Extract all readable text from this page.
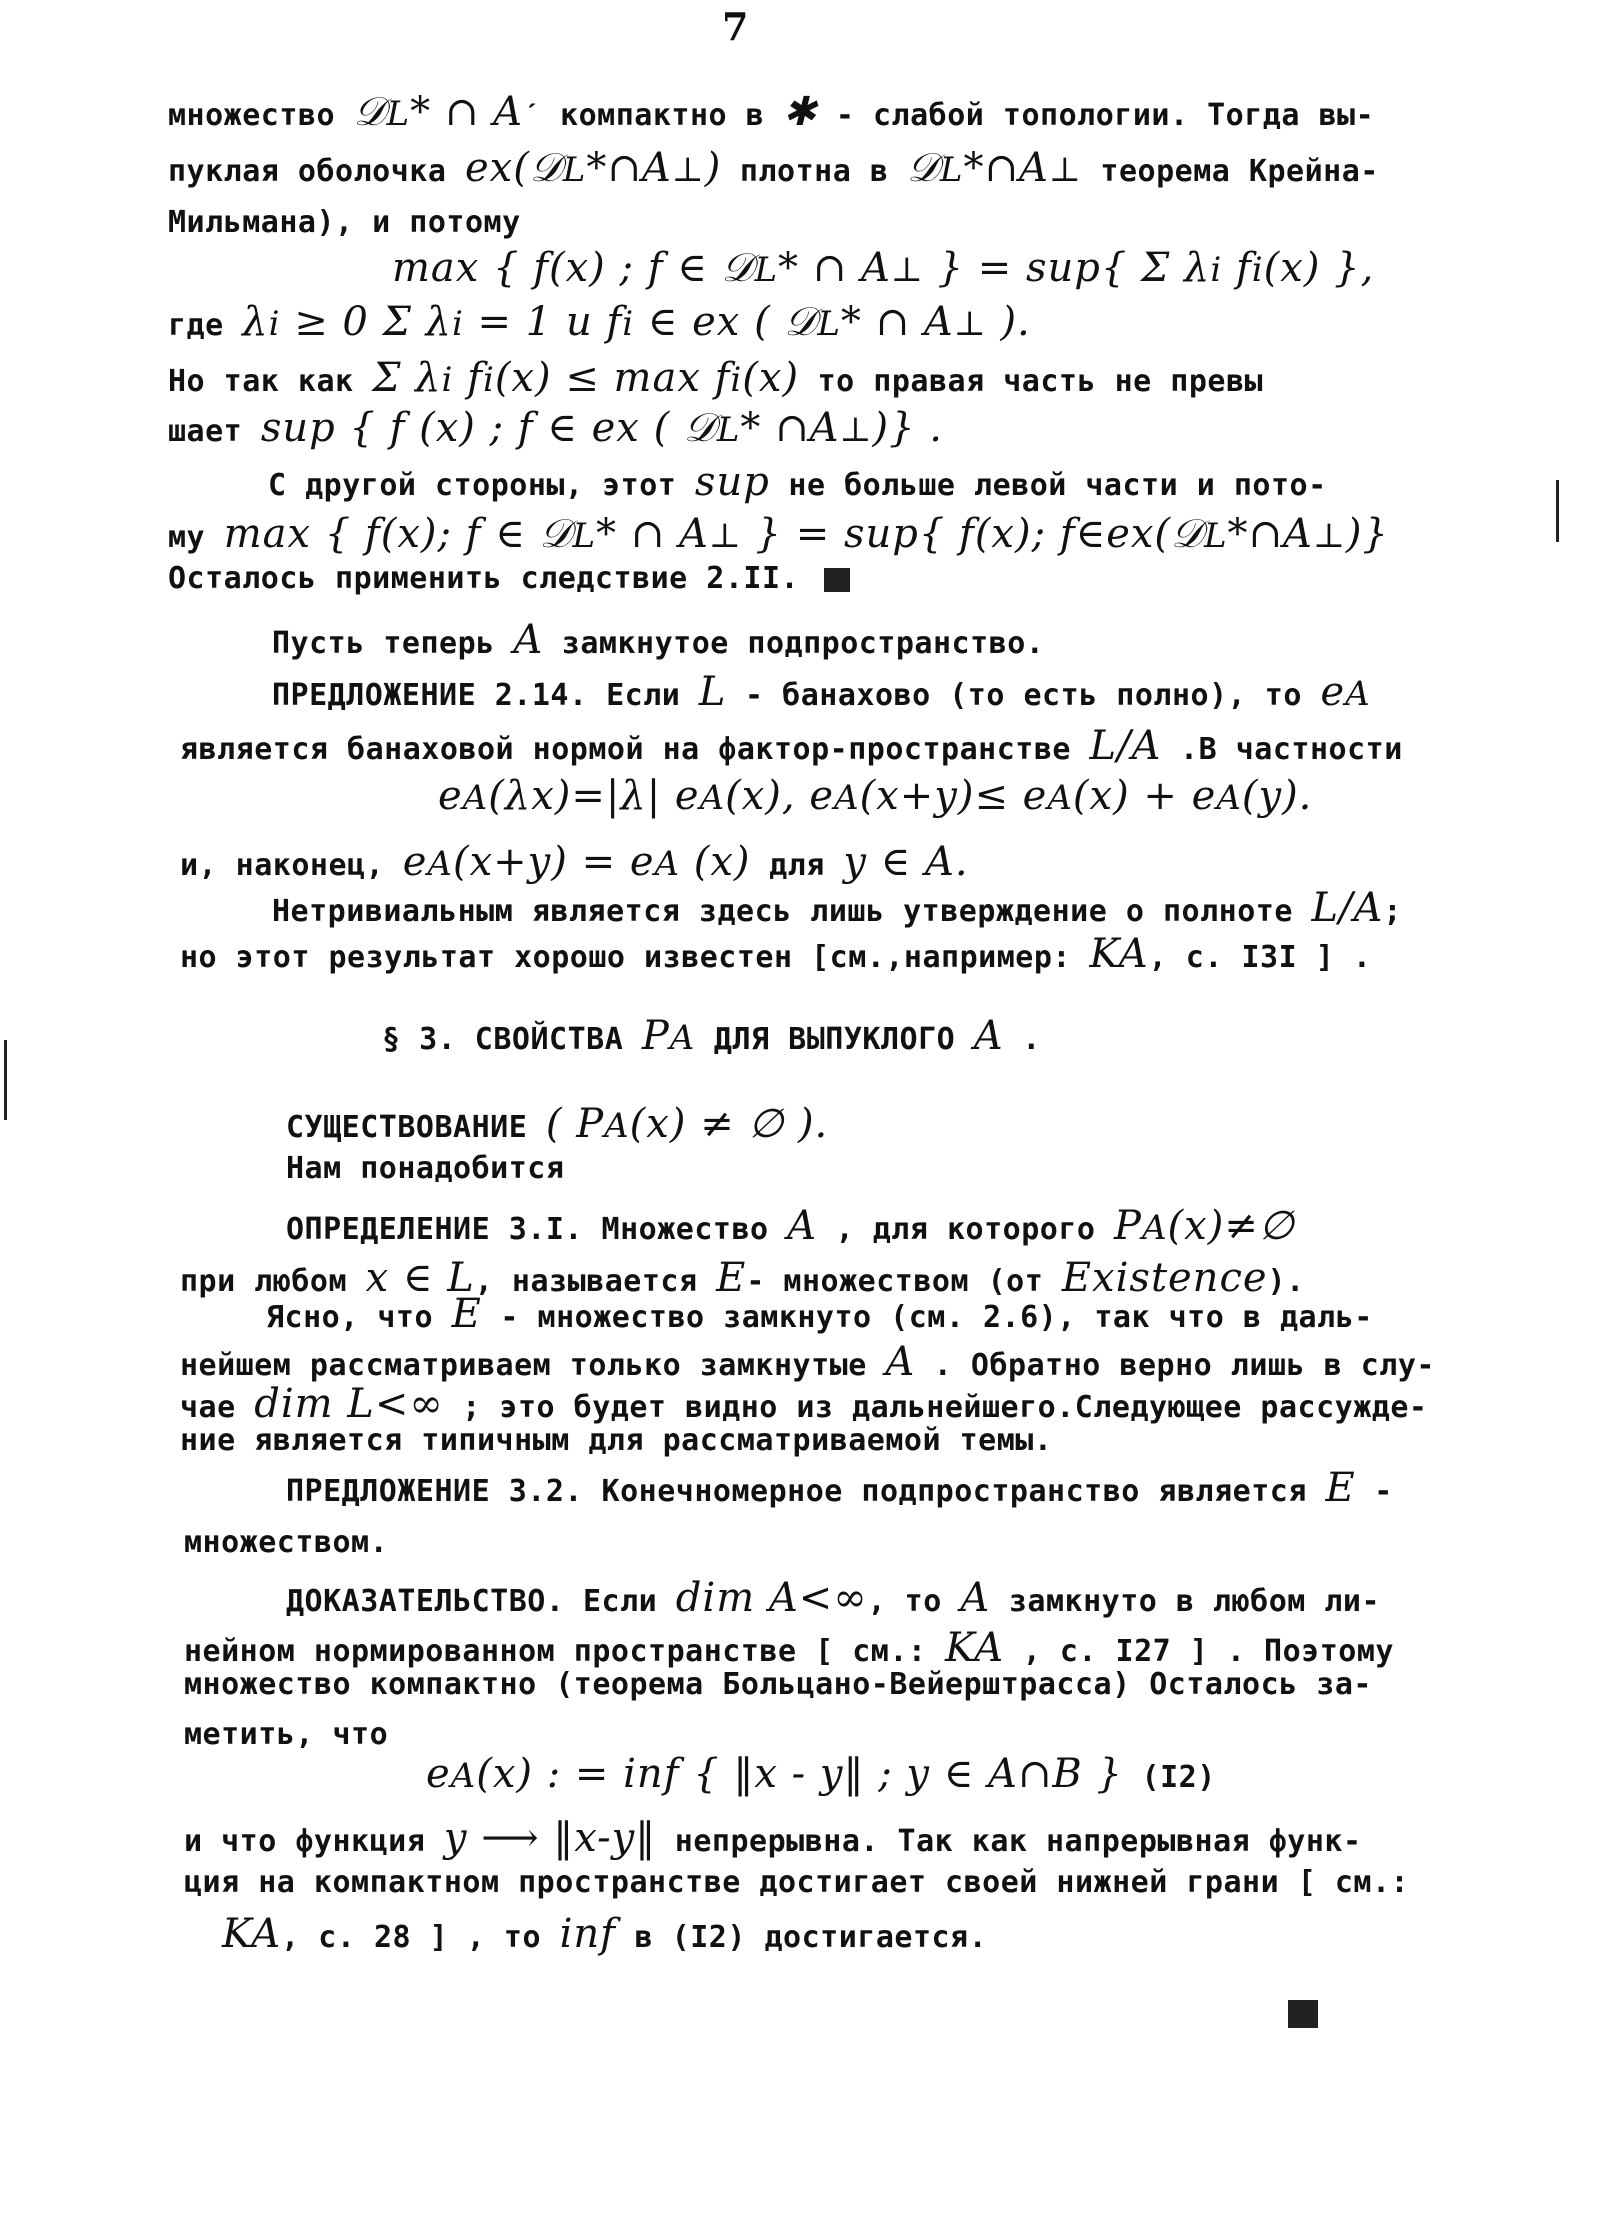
7
множество 𝒟L* ∩ Aˊ компактно в ✱ - слабой топологии. Тогда вы-
пуклая оболочка ex(𝒟L*∩A⊥) плотна в 𝒟L*∩A⊥ теорема Крейна-
Мильмана), и потому
max { f(x) ; f ∈ 𝒟L* ∩ A⊥ } = sup{ Σ λi fi(x) },
где λi ≥ 0 Σ λi = 1 и fi ∈ ex ( 𝒟L* ∩ A⊥ ).
Но так как Σ λi fi(x) ≤ max fi(x) то правая часть не превы
шает sup { f (x) ; f ∈ ex ( 𝒟L* ∩A⊥)} .
С другой стороны, этот sup не больше левой части и пото-
му max { f(x); f ∈ 𝒟L* ∩ A⊥ } = sup{ f(x); f∈ex(𝒟L*∩A⊥)}
Осталось применить следствие 2.II.
Пусть теперь A замкнутое подпространство.
ПРЕДЛОЖЕНИЕ 2.14. Если L - банахово (то есть полно), то eA
является банаховой нормой на фактор-пространстве L/A .В частности
eA(λx)=|λ| eA(x), eA(x+y)≤ eA(x) + eA(y).
и, наконец, eA(x+y) = eA (x) для y ∈ A.
Нетривиальным является здесь лишь утверждение о полноте L/A;
но этот результат хорошо известен [см.,например: KA, с. I3I ] .
§ 3. СВОЙСТВА PA ДЛЯ ВЫПУКЛОГО A .
СУЩЕСТВОВАНИЕ ( PA(x) ≠ ∅ ).
Нам понадобится
ОПРЕДЕЛЕНИЕ 3.I. Множество A , для которого PA(x)≠∅
при любом x ∈ L, называется E- множеством (от Existence).
Ясно, что E - множество замкнуто (см. 2.6), так что в даль-
нейшем рассматриваем только замкнутые A . Обратно верно лишь в слу-
чае dim L<∞ ; это будет видно из дальнейшего.Следующее рассужде-
ние является типичным для рассматриваемой темы.
ПРЕДЛОЖЕНИЕ 3.2. Конечномерное подпространство является E -
множеством.
ДОКАЗАТЕЛЬСТВО. Если dim A<∞, то A замкнуто в любом ли-
нейном нормированном пространстве [ см.: KA , с. I27 ] . Поэтому
множество компактно (теорема Больцано-Вейерштрасса) Осталось за-
метить, что
eA(x) : = inf { ‖x - y‖ ; y ∈ A∩B } (I2)
и что функция y ⟶ ‖x-y‖ непрерывна. Так как напрерывная функ-
ция на компактном пространстве достигает своей нижней грани [ см.:
KA, с. 28 ] , то inf в (I2) достигается.
